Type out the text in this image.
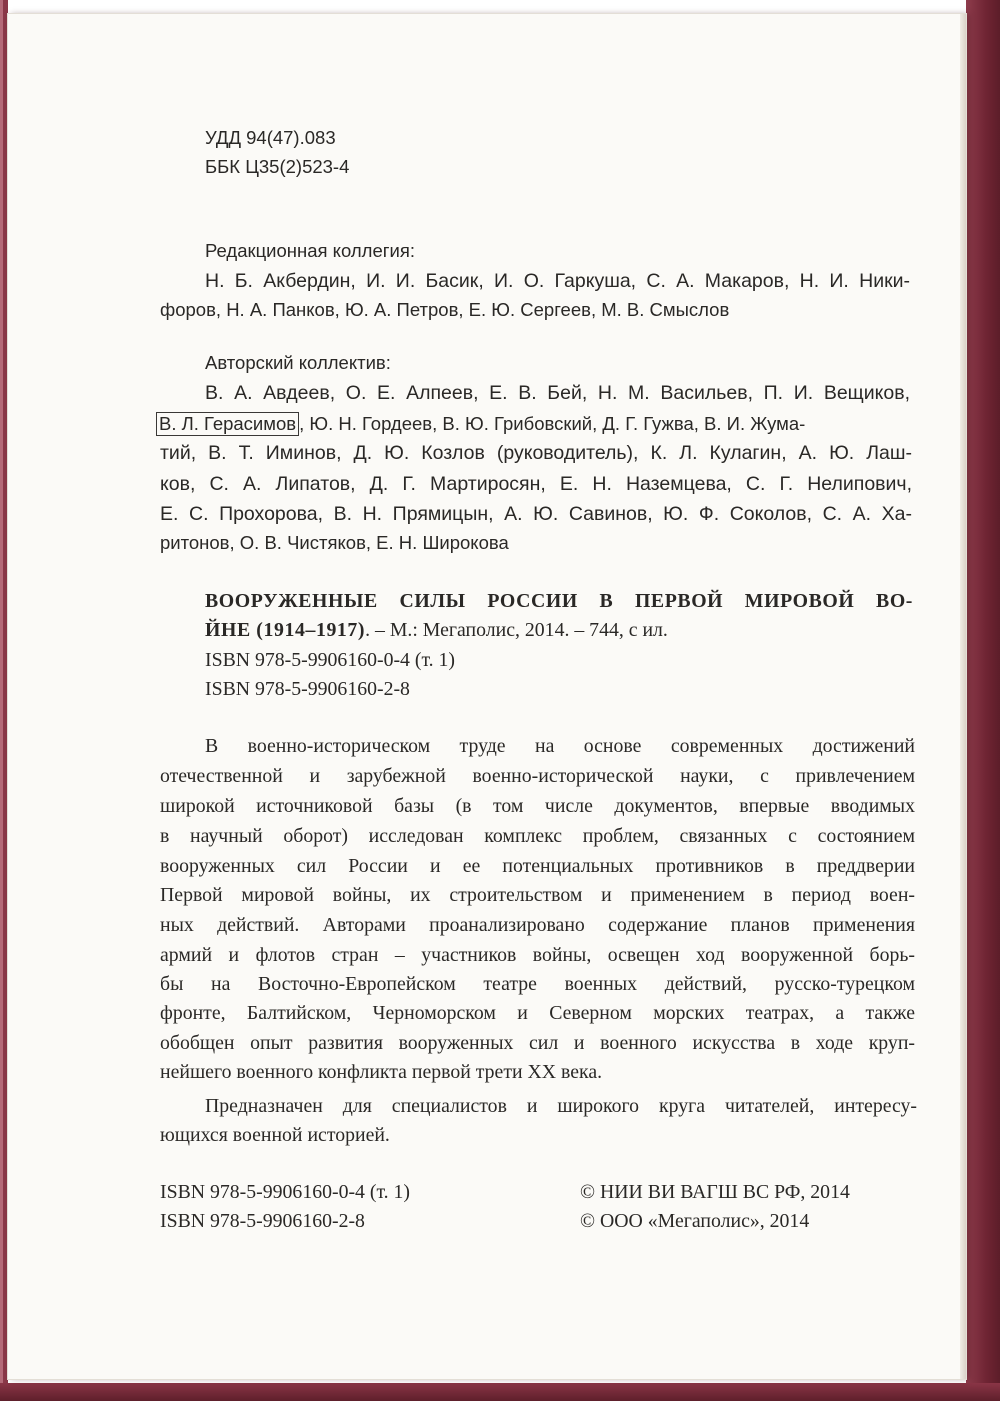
УДД 94(47).083
ББК Ц35(2)523-4
Редакционная коллегия:
Н. Б. Акбердин, И. И. Басик, И. О. Гаркуша, С. А. Макаров, Н. И. Ники-
форов, Н. А. Панков, Ю. А. Петров, Е. Ю. Сергеев, М. В. Смыслов
Авторский коллектив:
В. А. Авдеев, О. Е. Алпеев, Е. В. Бей, Н. М. Васильев, П. И. Вещиков,
В. Л. Герасимов , Ю. Н. Гордеев, В. Ю. Грибовский, Д. Г. Гужва, В. И. Жума-
тий, В. Т. Иминов, Д. Ю. Козлов (руководитель), К. Л. Кулагин, А. Ю. Лаш-
ков, С. А. Липатов, Д. Г. Мартиросян, Е. Н. Наземцева, С. Г. Нелипович,
Е. С. Прохорова, В. Н. Прямицын, А. Ю. Савинов, Ю. Ф. Соколов, С. А. Ха-
ритонов, О. В. Чистяков, Е. Н. Широкова
ВООРУЖЕННЫЕ СИЛЫ РОССИИ В ПЕРВОЙ МИРОВОЙ ВО-
ЙНЕ (1914–1917). – М.: Мегаполис, 2014. – 744, с ил.
ISBN 978-5-9906160-0-4 (т. 1)
ISBN 978-5-9906160-2-8
В военно-историческом труде на основе современных достижений
отечественной и зарубежной военно-исторической науки, с привлечением
широкой источниковой базы (в том числе документов, впервые вводимых
в научный оборот) исследован комплекс проблем, связанных с состоянием
вооруженных сил России и ее потенциальных противников в преддверии
Первой мировой войны, их строительством и применением в период воен-
ных действий. Авторами проанализировано содержание планов применения
армий и флотов стран – участников войны, освещен ход вооруженной борь-
бы на Восточно-Европейском театре военных действий, русско-турецком
фронте, Балтийском, Черноморском и Северном морских театрах, а также
обобщен опыт развития вооруженных сил и военного искусства в ходе круп-
нейшего военного конфликта первой трети XX века.
Предназначен для специалистов и широкого круга читателей, интересу-
ющихся военной историей.
ISBN 978-5-9906160-0-4 (т. 1)
ISBN 978-5-9906160-2-8
© НИИ ВИ ВАГШ ВС РФ, 2014
© ООО «Мегаполис», 2014
